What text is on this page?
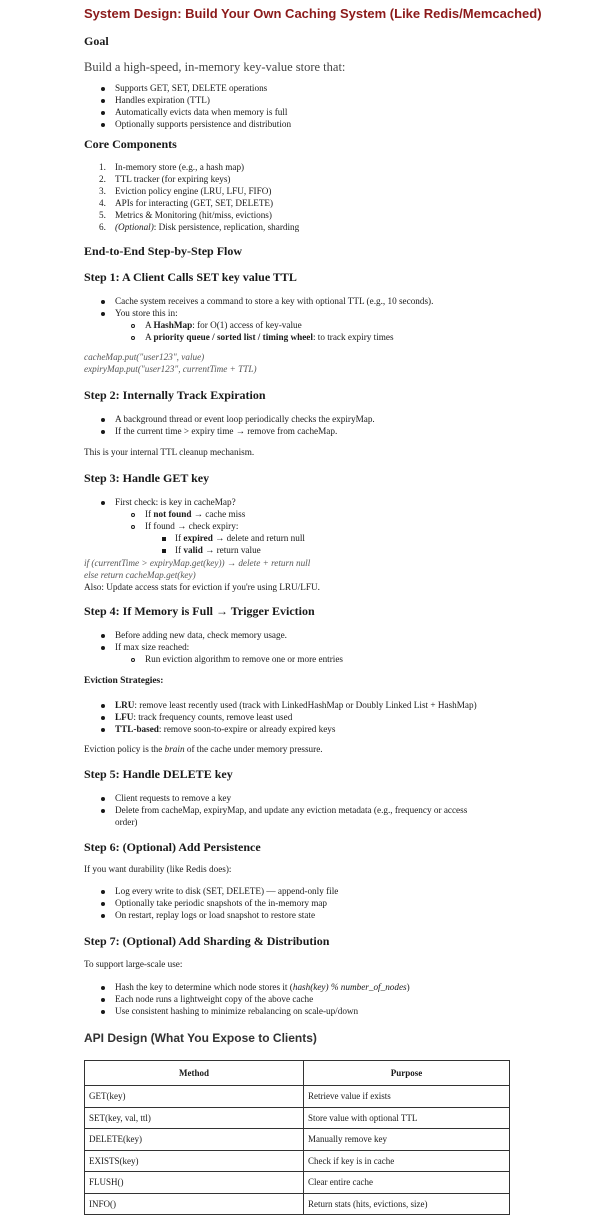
System Design: Build Your Own Caching System (Like Redis/Memcached)
Goal
Build a high-speed, in-memory key-value store that:
Supports GET, SET, DELETE operations
Handles expiration (TTL)
Automatically evicts data when memory is full
Optionally supports persistence and distribution
Core Components
1. In-memory store (e.g., a hash map)
2. TTL tracker (for expiring keys)
3. Eviction policy engine (LRU, LFU, FIFO)
4. APIs for interacting (GET, SET, DELETE)
5. Metrics & Monitoring (hit/miss, evictions)
6. (Optional): Disk persistence, replication, sharding
End-to-End Step-by-Step Flow
Step 1: A Client Calls SET key value TTL
Cache system receives a command to store a key with optional TTL (e.g., 10 seconds).
You store this in:
A HashMap: for O(1) access of key-value
A priority queue / sorted list / timing wheel: to track expiry times
cacheMap.put("user123", value)
expiryMap.put("user123", currentTime + TTL)
Step 2: Internally Track Expiration
A background thread or event loop periodically checks the expiryMap.
If the current time > expiry time → remove from cacheMap.
This is your internal TTL cleanup mechanism.
Step 3: Handle GET key
First check: is key in cacheMap?
If not found → cache miss
If found → check expiry:
If expired → delete and return null
If valid → return value
if (currentTime > expiryMap.get(key)) → delete + return null
else return cacheMap.get(key)
Also: Update access stats for eviction if you're using LRU/LFU.
Step 4: If Memory is Full → Trigger Eviction
Before adding new data, check memory usage.
If max size reached:
Run eviction algorithm to remove one or more entries
Eviction Strategies:
LRU: remove least recently used (track with LinkedHashMap or Doubly Linked List + HashMap)
LFU: track frequency counts, remove least used
TTL-based: remove soon-to-expire or already expired keys
Eviction policy is the brain of the cache under memory pressure.
Step 5: Handle DELETE key
Client requests to remove a key
Delete from cacheMap, expiryMap, and update any eviction metadata (e.g., frequency or access
order)
Step 6: (Optional) Add Persistence
If you want durability (like Redis does):
Log every write to disk (SET, DELETE) — append-only file
Optionally take periodic snapshots of the in-memory map
On restart, replay logs or load snapshot to restore state
Step 7: (Optional) Add Sharding & Distribution
To support large-scale use:
Hash the key to determine which node stores it (hash(key) % number_of_nodes)
Each node runs a lightweight copy of the above cache
Use consistent hashing to minimize rebalancing on scale-up/down
API Design (What You Expose to Clients)
Method	Purpose
GET(key)	Retrieve value if exists
SET(key, val, ttl)	Store value with optional TTL
DELETE(key)	Manually remove key
EXISTS(key)	Check if key is in cache
FLUSH()	Clear entire cache
INFO()	Return stats (hits, evictions, size)
